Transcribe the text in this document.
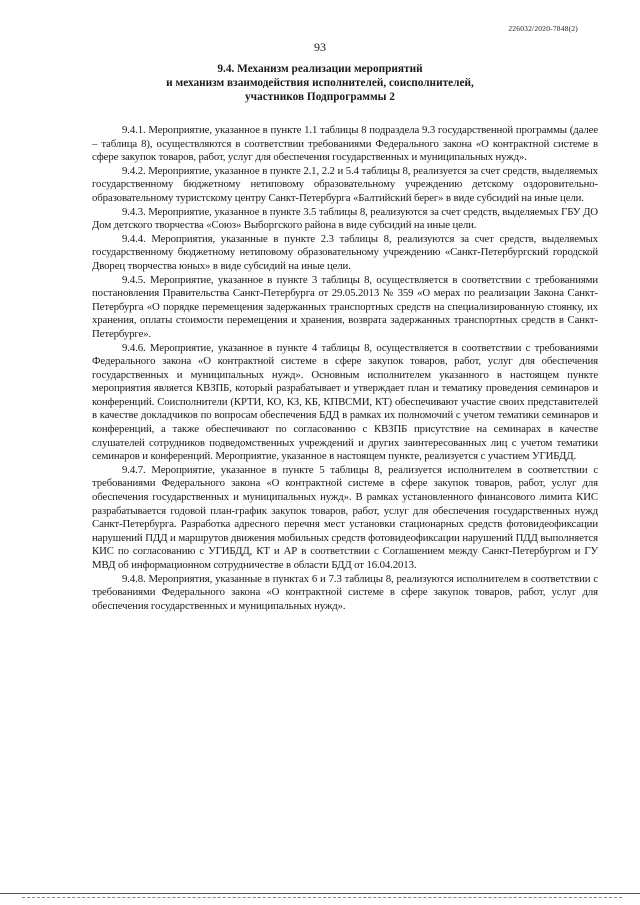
226032/2020-7848(2)
93
9.4. Механизм реализации мероприятий
и механизм взаимодействия исполнителей, соисполнителей,
участников Подпрограммы 2

9.4.1. Мероприятие, указанное в пункте 1.1 таблицы 8 подраздела 9.3 государственной программы (далее – таблица 8), осуществляются в соответствии требованиями Федерального закона «О контрактной системе в сфере закупок товаров, работ, услуг для обеспечения государственных и муниципальных нужд».

9.4.2. Мероприятие, указанное в пункте 2.1, 2.2 и 5.4 таблицы 8, реализуется за счет средств, выделяемых государственному бюджетному нетиповому образовательному учреждению детскому оздоровительно-образовательному туристскому центру Санкт-Петербурга «Балтийский берег» в виде субсидий на иные цели.

9.4.3. Мероприятие, указанное в пункте 3.5 таблицы 8, реализуются за счет средств, выделяемых ГБУ ДО Дом детского творчества «Союз» Выборгского района в виде субсидий на иные цели.

9.4.4. Мероприятия, указанные в пункте 2.3 таблицы 8, реализуются за счет средств, выделяемых государственному бюджетному нетиповому образовательному учреждению «Санкт-Петербургский городской Дворец творчества юных» в виде субсидий на иные цели.

9.4.5. Мероприятие, указанное в пункте 3 таблицы 8, осуществляется в соответствии с требованиями постановления Правительства Санкт-Петербурга от 29.05.2013 № 359 «О мерах по реализации Закона Санкт-Петербурга «О порядке перемещения задержанных транспортных средств на специализированную стоянку, их хранения, оплаты стоимости перемещения и хранения, возврата задержанных транспортных средств в Санкт-Петербурге».

9.4.6. Мероприятие, указанное в пункте 4 таблицы 8, осуществляется в соответствии с требованиями Федерального закона «О контрактной системе в сфере закупок товаров, работ, услуг для обеспечения государственных и муниципальных нужд». Основным исполнителем указанного в настоящем пункте мероприятия является КВЗПБ, который разрабатывает и утверждает план и тематику проведения семинаров и конференций. Соисполнители (КРТИ, КО, КЗ, КБ, КПВСМИ, КТ) обеспечивают участие своих представителей в качестве докладчиков по вопросам обеспечения БДД в рамках их полномочий с учетом тематики семинаров и конференций, а также обеспечивают по согласованию с КВЗПБ присутствие на семинарах в качестве слушателей сотрудников подведомственных учреждений и других заинтересованных лиц с учетом тематики семинаров и конференций. Мероприятие, указанное в настоящем пункте, реализуется с участием УГИБДД.

9.4.7. Мероприятие, указанное в пункте 5 таблицы 8, реализуется исполнителем в соответствии с требованиями Федерального закона «О контрактной системе в сфере закупок товаров, работ, услуг для обеспечения государственных и муниципальных нужд». В рамках установленного финансового лимита КИС разрабатывается годовой план-график закупок товаров, работ, услуг для обеспечения государственных нужд Санкт-Петербурга. Разработка адресного перечня мест установки стационарных средств фотовидеофиксации нарушений ПДД и маршрутов движения мобильных средств фотовидеофиксации нарушений ПДД выполняется КИС по согласованию с УГИБДД, КТ и АР в соответствии с Соглашением между Санкт-Петербургом и ГУ МВД об информационном сотрудничестве в области БДД от 16.04.2013.

9.4.8. Мероприятия, указанные в пунктах 6 и 7.3 таблицы 8, реализуются исполнителем в соответствии с требованиями Федерального закона «О контрактной системе в сфере закупок товаров, работ, услуг для обеспечения государственных и муниципальных нужд».
